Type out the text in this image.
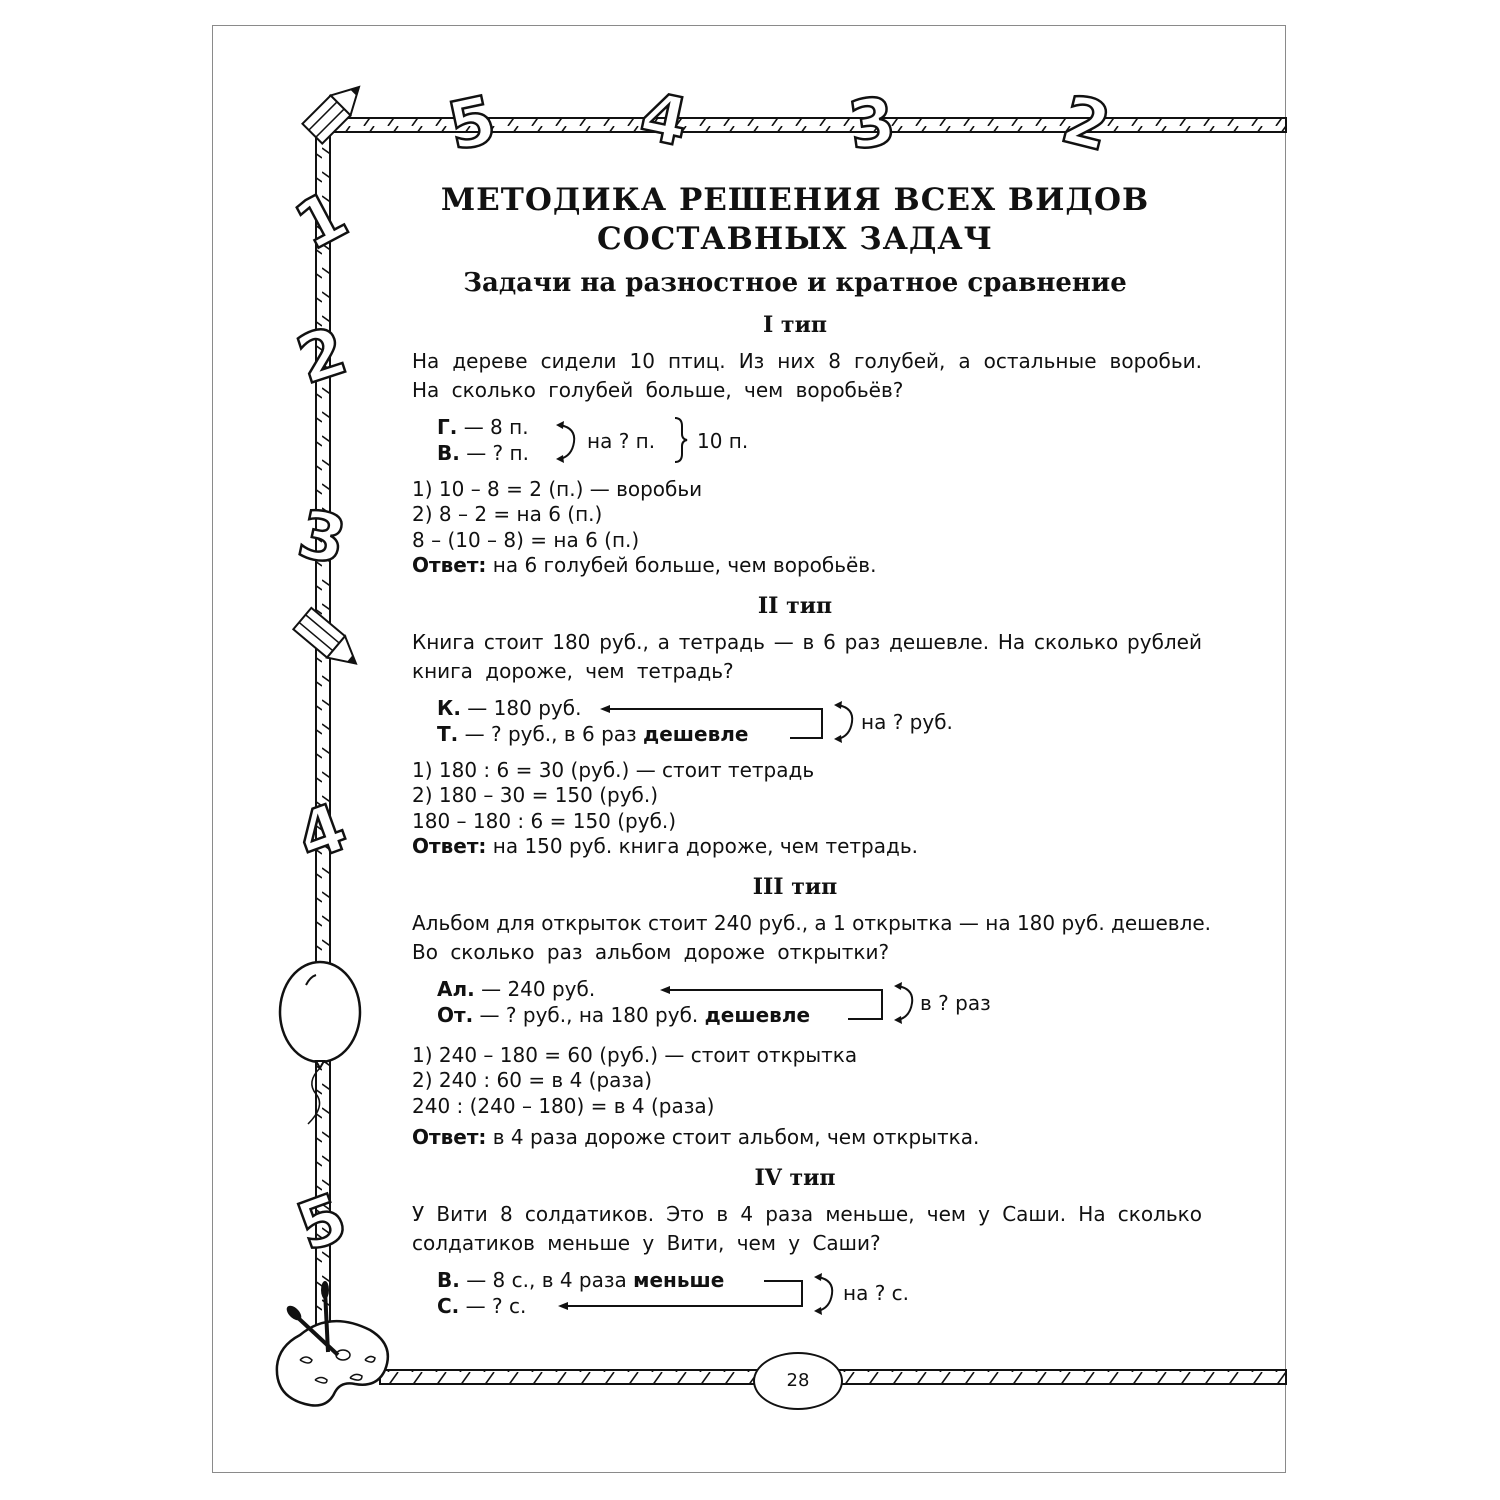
5 4 3 2
1
2
3
4
5
МЕТОДИКА РЕШЕНИЯ ВСЕХ ВИДОВ
СОСТАВНЫХ ЗАДАЧ
Задачи на разностное и кратное сравнение
I тип

На дереве сидели 10 птиц. Из них 8 голубей, а остальные воробьи.

На сколько голубей больше, чем воробьёв?

Г. — 8 п.
В. — ? п.	на ? п. 10 п.

1) 10 – 8 = 2 (п.) — воробьи

2) 8 – 2 = на 6 (п.)

8 – (10 – 8) = на 6 (п.)

Ответ: на 6 голубей больше, чем воробьёв.

II тип

Книга стоит 180 руб., а тетрадь — в 6 раз дешевле. На сколько рублей

книга дороже, чем тетрадь?

К. — 180 руб.
Т. — ? руб., в 6 раз дешевле	на ? руб.

1) 180 : 6 = 30 (руб.) — стоит тетрадь

2) 180 – 30 = 150 (руб.)

180 – 180 : 6 = 150 (руб.)

Ответ: на 150 руб. книга дороже, чем тетрадь.

III тип

Альбом для открыток стоит 240 руб., а 1 открытка — на 180 руб. дешевле.

Во сколько раз альбом дороже открытки?

Ал. — 240 руб.
От. — ? руб., на 180 руб. дешевле	в ? раз

1) 240 – 180 = 60 (руб.) — стоит открытка

2) 240 : 60 = в 4 (раза)

240 : (240 – 180) = в 4 (раза)

Ответ: в 4 раза дороже стоит альбом, чем открытка.

IV тип

У Вити 8 солдатиков. Это в 4 раза меньше, чем у Саши. На сколько

солдатиков меньше у Вити, чем у Саши?

В. — 8 с., в 4 раза меньше
С. — ? с.
на ? с.
28
